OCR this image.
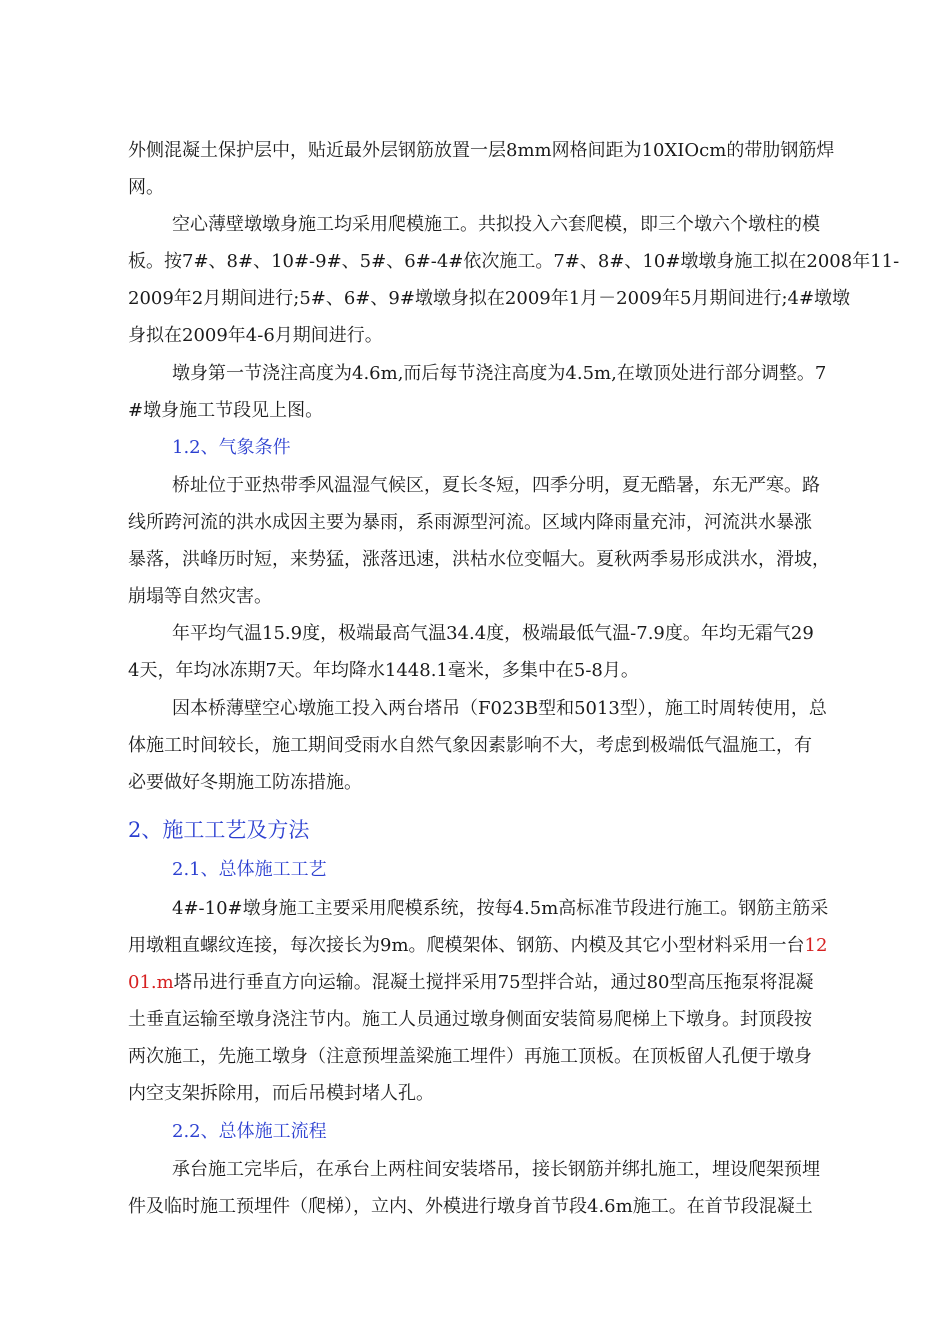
外侧混凝土保护层中，贴近最外层钢筋放置一层8mm网格间距为10XIOcm的带肋钢筋焊
网。
空心薄壁墩墩身施工均采用爬模施工。共拟投入六套爬模，即三个墩六个墩柱的模
板。按7#、8#、10#-9#、5#、6#-4#依次施工。7#、8#、10#墩墩身施工拟在2008年11-
2009年2月期间进行;5#、6#、9#墩墩身拟在2009年1月－2009年5月期间进行;4#墩墩
身拟在2009年4-6月期间进行。
墩身第一节浇注高度为4.6m,而后每节浇注高度为4.5m,在墩顶处进行部分调整。7
#墩身施工节段见上图。
1.2、气象条件
桥址位于亚热带季风温湿气候区，夏长冬短，四季分明，夏无酷暑，东无严寒。路
线所跨河流的洪水成因主要为暴雨，系雨源型河流。区域内降雨量充沛，河流洪水暴涨
暴落，洪峰历时短，来势猛，涨落迅速，洪枯水位变幅大。夏秋两季易形成洪水，滑坡，
崩塌等自然灾害。
年平均气温15.9度，极端最高气温34.4度，极端最低气温-7.9度。年均无霜气29
4天，年均冰冻期7天。年均降水1448.1毫米，多集中在5-8月。
因本桥薄壁空心墩施工投入两台塔吊（F023B型和5013型），施工时周转使用，总
体施工时间较长，施工期间受雨水自然气象因素影响不大，考虑到极端低气温施工，有
必要做好冬期施工防冻措施。
2、施工工艺及方法
2.1、总体施工工艺
4#-10#墩身施工主要采用爬模系统，按每4.5m高标准节段进行施工。钢筋主筋采
用墩粗直螺纹连接，每次接长为9m。爬模架体、钢筋、内模及其它小型材料采用一台12
01.m塔吊进行垂直方向运输。混凝土搅拌采用75型拌合站，通过80型高压拖泵将混凝
土垂直运输至墩身浇注节内。施工人员通过墩身侧面安装简易爬梯上下墩身。封顶段按
两次施工，先施工墩身（注意预埋盖梁施工埋件）再施工顶板。在顶板留人孔便于墩身
内空支架拆除用，而后吊模封堵人孔。
2.2、总体施工流程
承台施工完毕后，在承台上两柱间安装塔吊，接长钢筋并绑扎施工，埋设爬架预埋
件及临时施工预埋件（爬梯），立内、外模进行墩身首节段4.6m施工。在首节段混凝土
